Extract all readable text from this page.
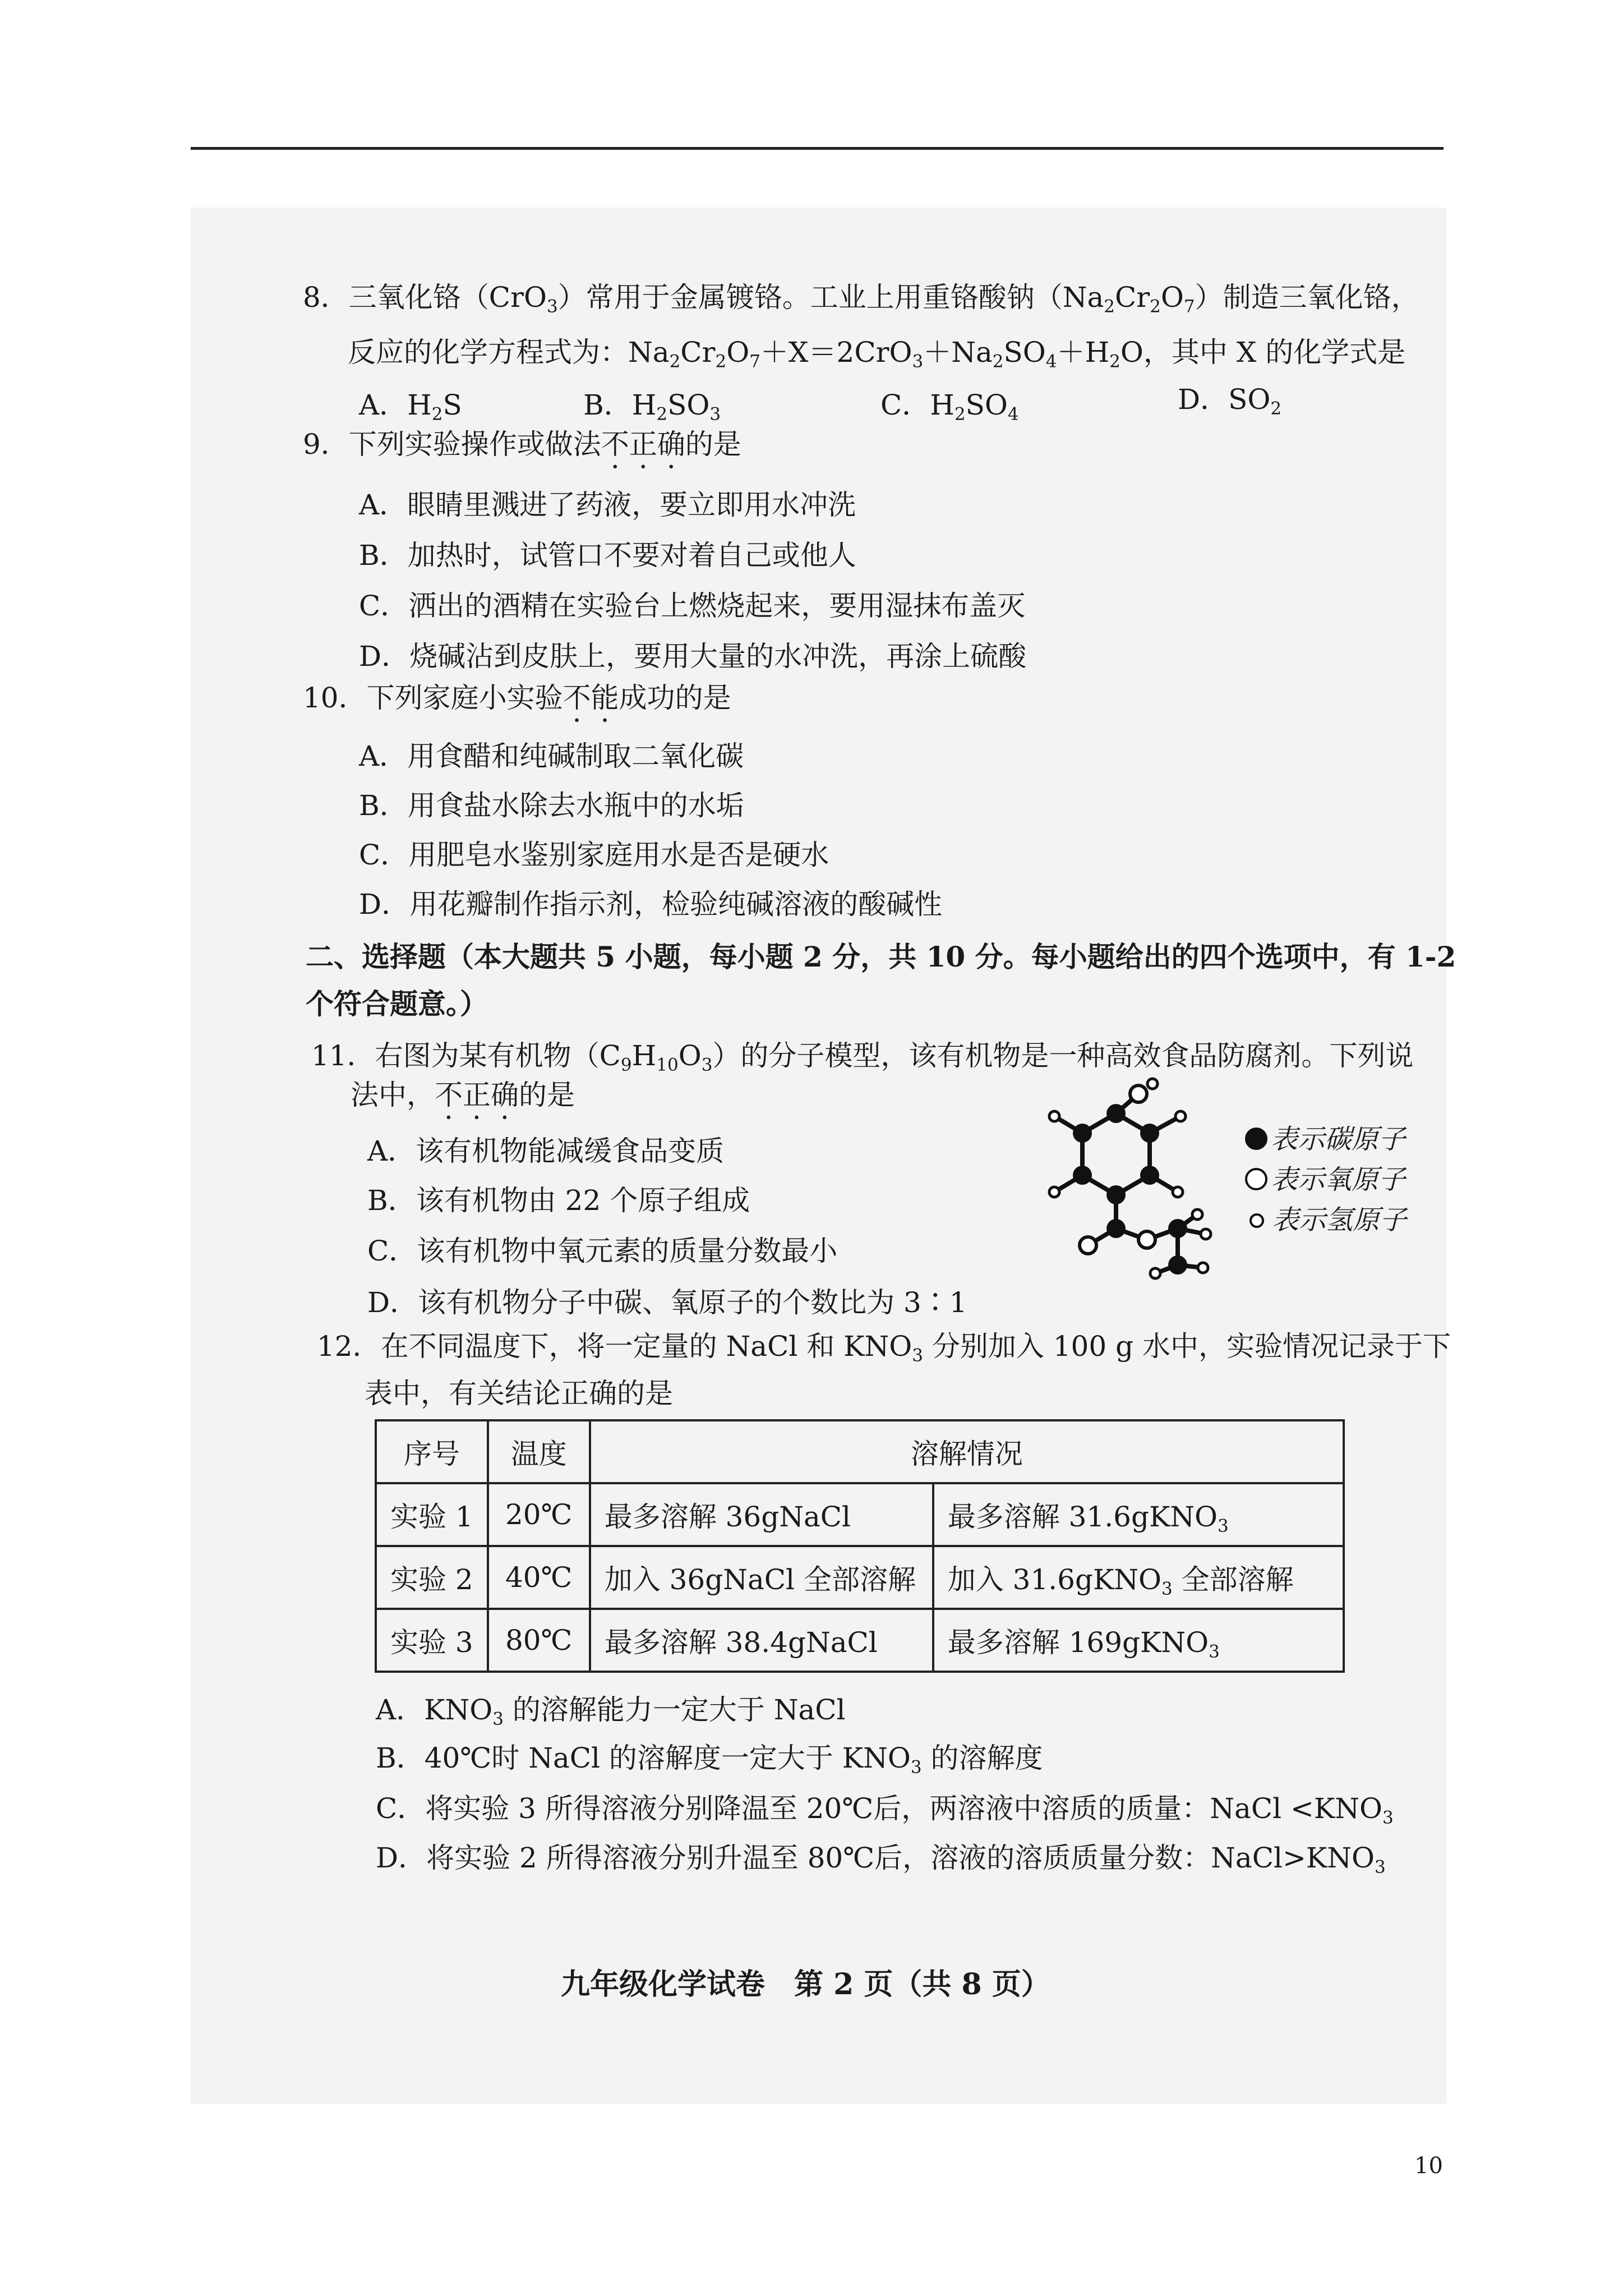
8．三氧化铬（CrO$_3$）常用于金属镀铬。工业上用重铬酸钠$(Na_2Cr_2O_7)$制造三氧化铬，
反应的化学方程式为：$Na_2Cr_2O_7+X=2CrO_3+Na_2SO_4+H_2O$，其中 X 的化学式是
A．$H_2S$	B．$H_2SO_3$	C．$H_2SO_4$	D．$SO_2$
9．下列实验操作或做法不正确的是
A．眼睛里溅进了药液，要立即用水冲洗
B．加热时，试管口不要对着自己或他人
C．洒出的酒精在实验台上燃烧起来，要用湿抹布盖灭
D．烧碱沾到皮肤上，要用大量的水冲洗，再涂上硫酸
10．下列家庭小实验不能成功的是
A．用食醋和纯碱制取二氧化碳
B．用食盐水除去水瓶中的水垢
C．用肥皂水鉴别家庭用水是否是硬水
D．用花瓣制作指示剂，检验纯碱溶液的酸碱性
二、选择题（本大题共 5 小题，每小题 2 分，共 10 分。每小题给出的四个选项中，有 1-2
个符合题意。）
11．右图为某有机物$(C_9H_{10}O_3)$的分子模型，该有机物是一种高效食品防腐剂。下列说
法中，不正确的是
A．该有机物能减缓食品变质
B．该有机物由 22 个原子组成
C．该有机物中氧元素的质量分数最小
D．该有机物分子中碳、氧原子的个数比为 3∶1
表示碳原子
表示氧原子
表示氢原子
12．在不同温度下，将一定量的 NaCl 和 $KNO_3$ 分别加入 100 g 水中，实验情况记录于下
表中，有关结论正确的是
序号	温度	溶解情况	
实验 1	20℃	最多溶解 36gNaCl	最多溶解 31.6gKNO$_3$
实验 2	40℃	加入 36gNaCl 全部溶解	加入 31.6gKNO$_3$ 全部溶解
实验 3	80℃	最多溶解 38.4gNaCl	最多溶解 169gKNO$_3$
A．$KNO_3$ 的溶解能力一定大于 NaCl
B．40℃时 NaCl 的溶解度一定大于 $KNO_3$ 的溶解度
C．将实验 3 所得溶液分别降温至 20℃后，两溶液中溶质的质量：NaCl $<KNO_3$
D．将实验 2 所得溶液分别升温至 80℃后，溶液的溶质质量分数：$NaCl>KNO_3$
九年级化学试卷　第 2 页（共 8 页）
10
